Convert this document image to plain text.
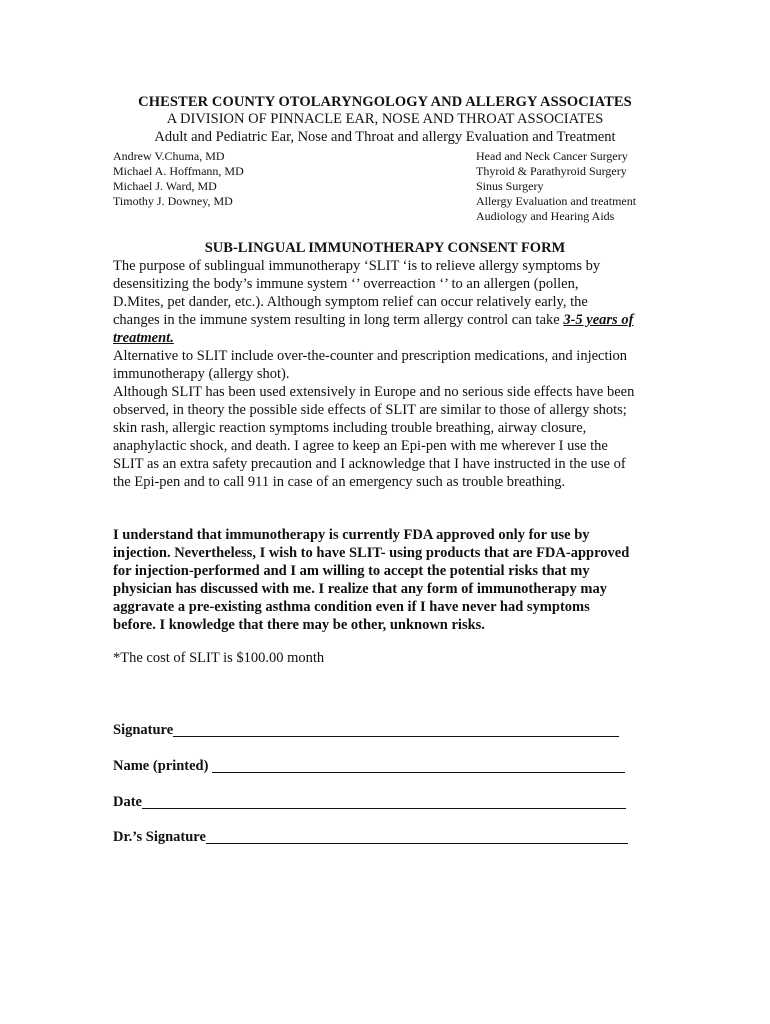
CHESTER COUNTY OTOLARYNGOLOGY AND ALLERGY ASSOCIATES
A DIVISION OF PINNACLE EAR, NOSE AND THROAT ASSOCIATES
Adult and Pediatric Ear, Nose and Throat and allergy Evaluation and Treatment
Andrew V.Chuma, MD
Michael A. Hoffmann, MD
Michael J. Ward, MD
Timothy J. Downey, MD
Head and Neck Cancer Surgery
Thyroid & Parathyroid Surgery
Sinus Surgery
Allergy Evaluation and treatment
Audiology and Hearing Aids
SUB-LINGUAL IMMUNOTHERAPY CONSENT FORM
The purpose of sublingual immunotherapy ‘SLIT ‘is to relieve allergy symptoms by
desensitizing the body’s immune system ‘’ overreaction ‘’ to an allergen (pollen,
D.Mites, pet dander, etc.). Although symptom relief can occur relatively early, the
changes in the immune system resulting in long term allergy control can take 3-5 years of
treatment.
Alternative to SLIT include over-the-counter and prescription medications, and injection
immunotherapy (allergy shot).
Although SLIT has been used extensively in Europe and no serious side effects have been
observed, in theory the possible side effects of SLIT are similar to those of allergy shots;
skin rash, allergic reaction symptoms including trouble breathing, airway closure,
anaphylactic shock, and death. I agree to keep an Epi-pen with me wherever I use the
SLIT as an extra safety precaution and I acknowledge that I have instructed in the use of
the Epi-pen and to call 911 in case of an emergency such as trouble breathing.
I understand that immunotherapy is currently FDA approved only for use by
injection. Nevertheless, I wish to have SLIT- using products that are FDA-approved
for injection-performed and I am willing to accept the potential risks that my
physician has discussed with me. I realize that any form of immunotherapy may
aggravate a pre-existing asthma condition even if I have never had symptoms
before. I knowledge that there may be other, unknown risks.
*The cost of SLIT is $100.00 month
Signature
Name (printed)
Date
Dr.’s Signature
